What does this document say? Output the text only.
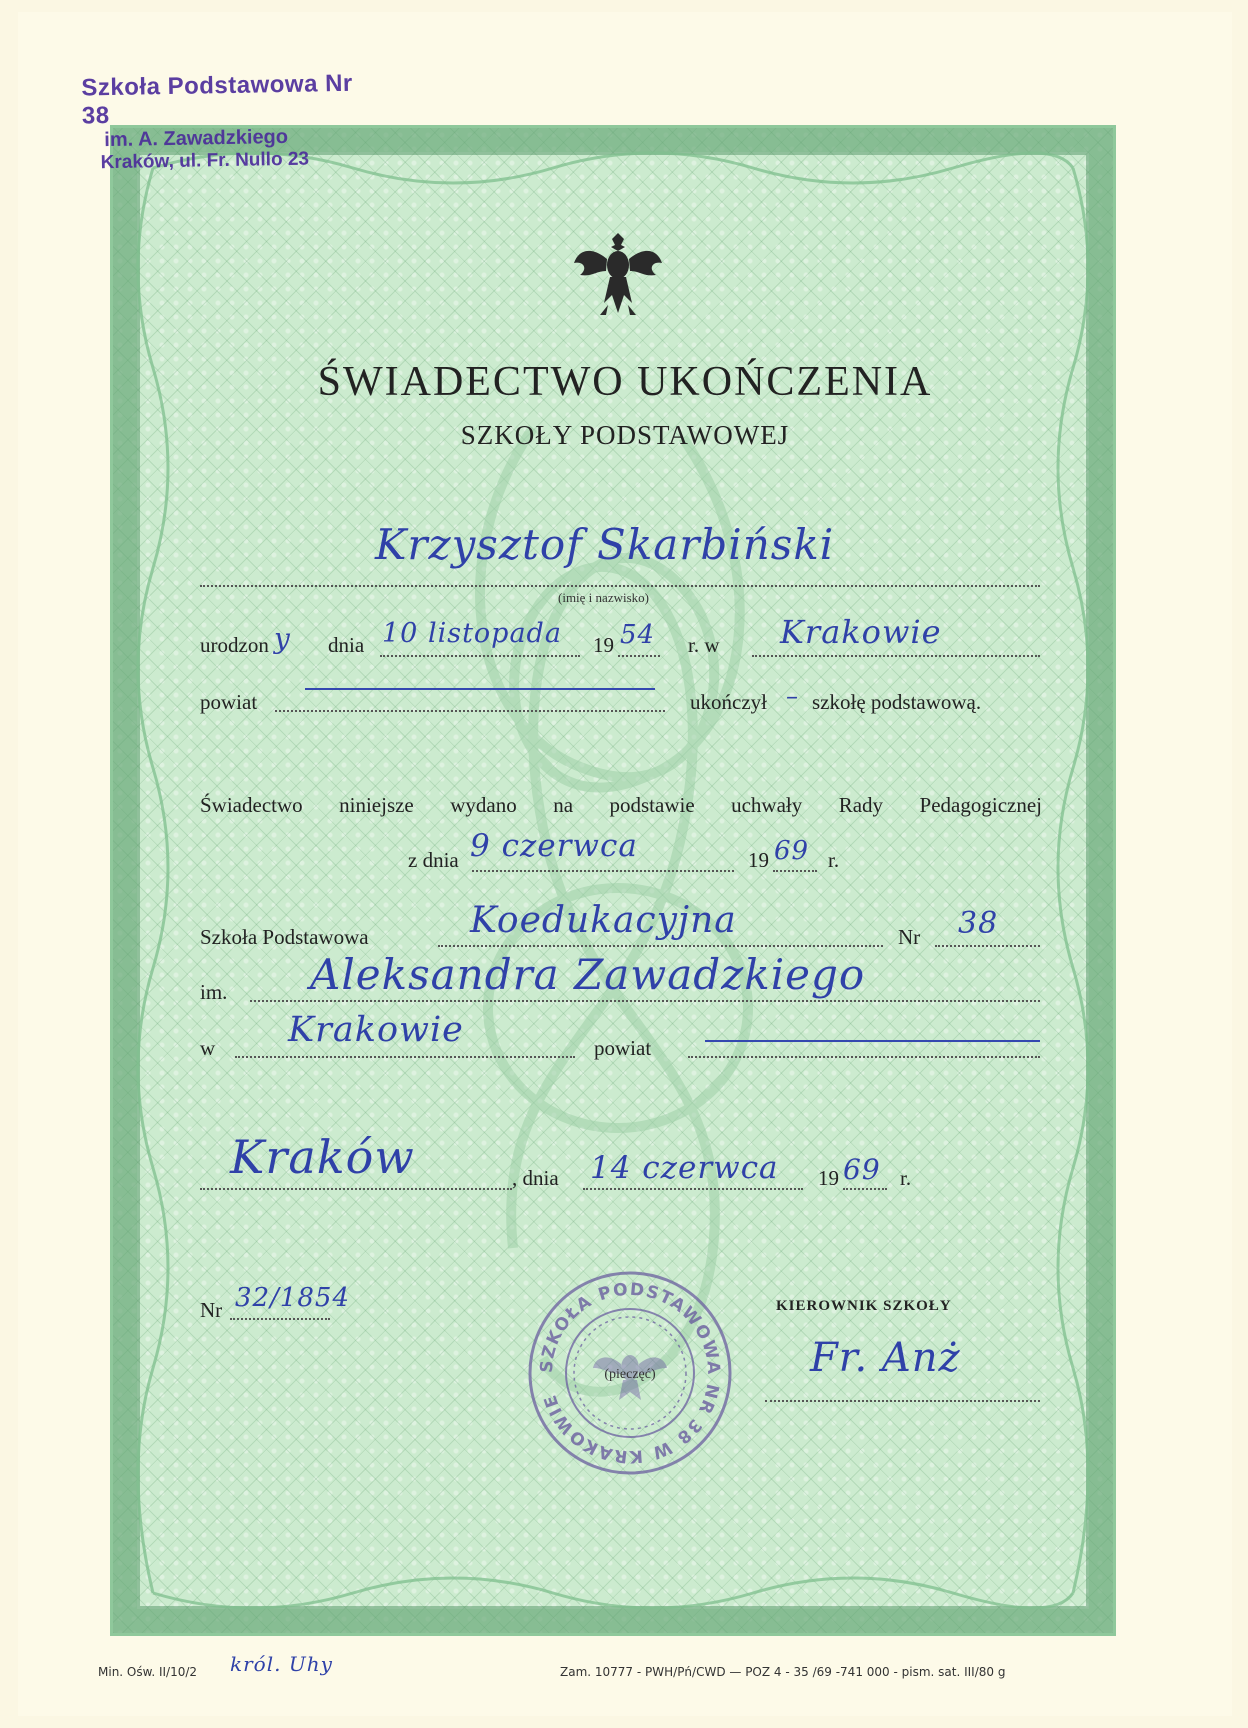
Szkoła Podstawowa Nr 38
im. A. Zawadzkiego
Kraków, ul. Fr. Nullo 23
ŚWIADECTWO UKOŃCZENIA
SZKOŁY PODSTAWOWEJ
Krzysztof Skarbiński
(imię i nazwisko)
urodzon y dnia 10 listopada 19 54 r. w Krakowie
powiat	ukończył – szkołę podstawową.
Świadectwo niniejsze wydano na podstawie uchwały Rady Pedagogicznej
z dnia 9 czerwca	19 69 r.
Szkoła Podstawowa	Koedukacyjna	Nr 38
im. Aleksandra Zawadzkiego
w Krakowie	powiat
Kraków	, dnia 14 czerwca 19 69 r.
Nr 32/1854
SZKOŁA PODSTAWOWA NR 38 W KRAKOWIE
(pieczęć)
KIEROWNIK SZKOŁY
Fr. Anż
Min. Ośw. II/10/2 król. Uhy	Zam. 10777 - PWH/Pń/CWD — POZ 4 - 35 /69 -741 000 - pism. sat. III/80 g
